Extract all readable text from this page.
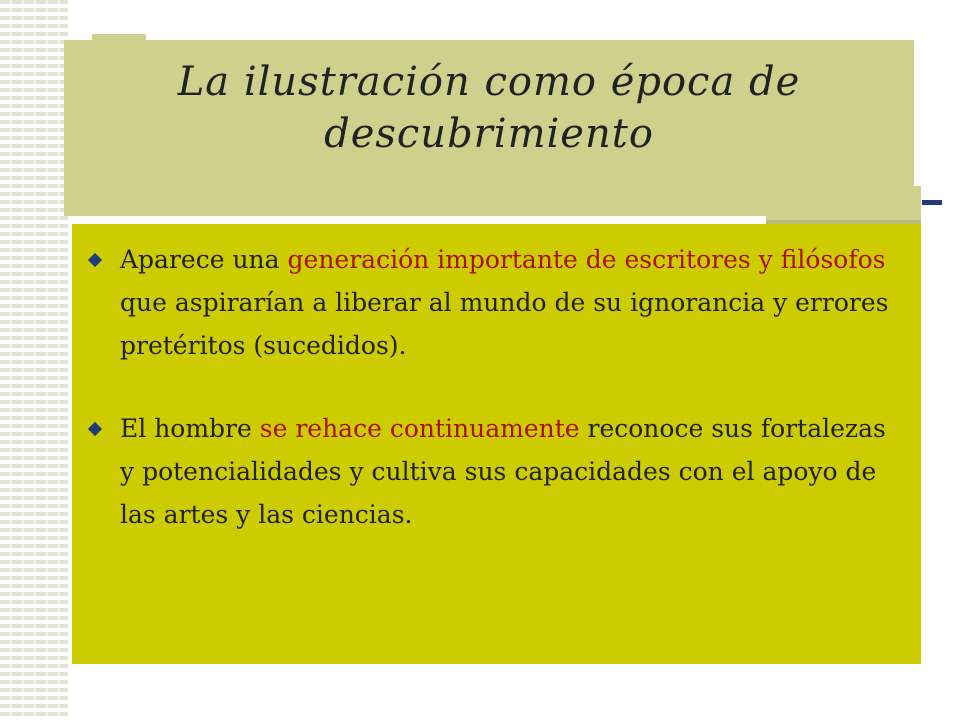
La ilustración como época de descubrimiento
Aparece una generación importante de escritores y filósofos que aspirarían a liberar al mundo de su ignorancia y errores pretéritos (sucedidos).
El hombre se rehace continuamente reconoce sus fortalezas y potencialidades y cultiva sus capacidades con el apoyo de las artes y las ciencias.
